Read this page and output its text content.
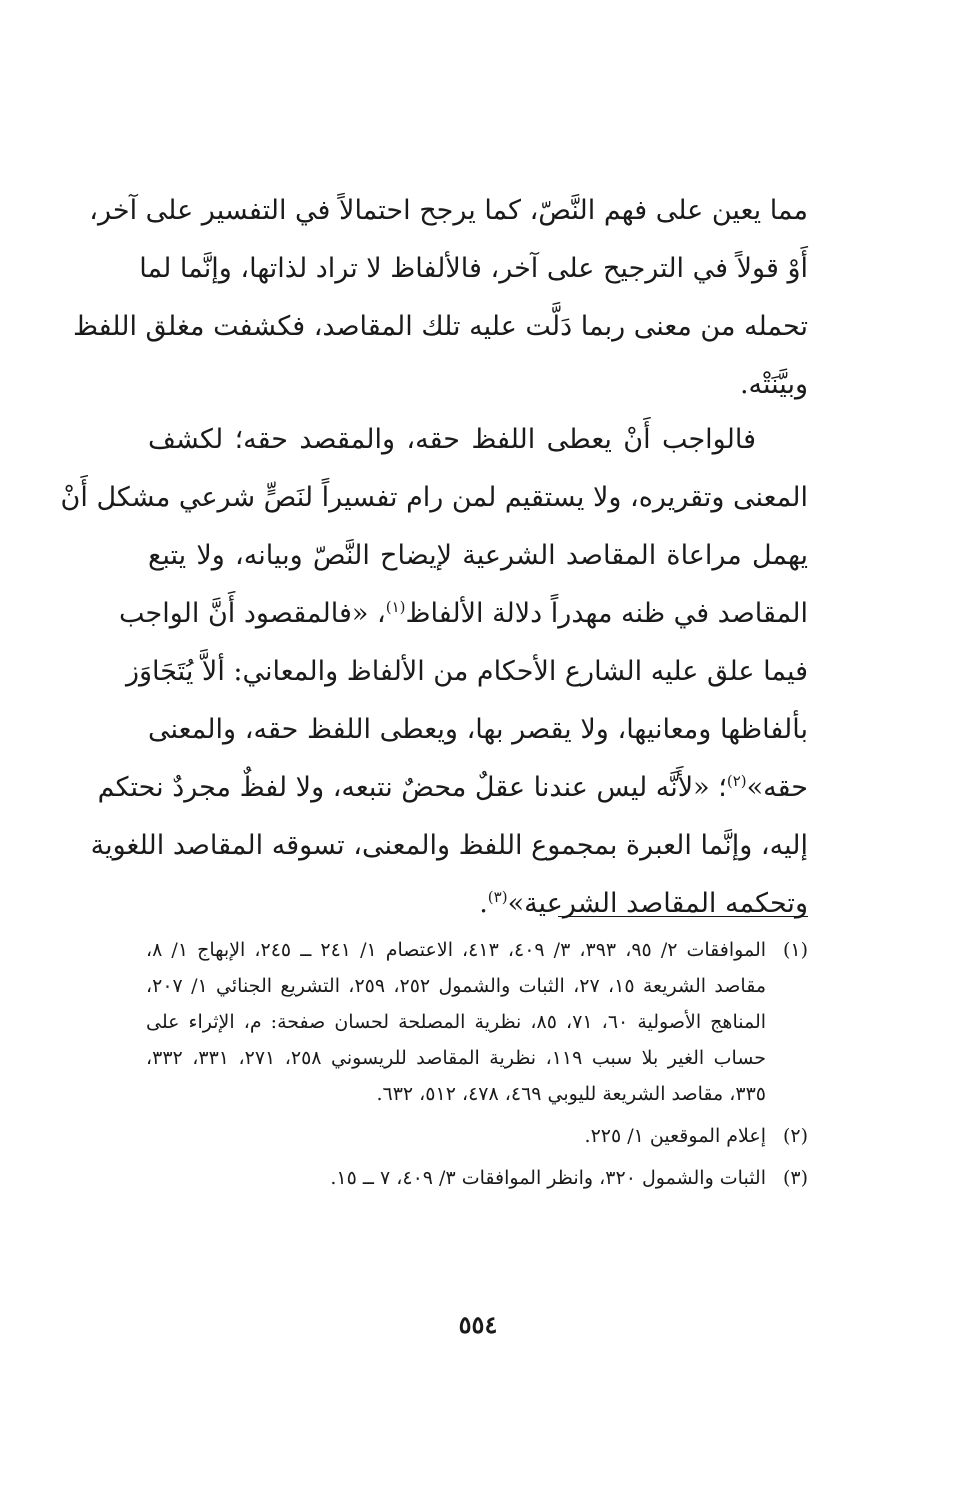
مما يعين على فهم النَّصّ، كما يرجح احتمالاً في التفسير على آخر،
أَوْ قولاً في الترجيح على آخر، فالألفاظ لا تراد لذاتها، وإنَّما لما
تحمله من معنى ربما دَلَّت عليه تلك المقاصد، فكشفت مغلق اللفظ
وبيَّنَتْه.
فالواجب أَنْ يعطى اللفظ حقه، والمقصد حقه؛ لكشف
المعنى وتقريره، ولا يستقيم لمن رام تفسيراً لنَصٍّ شرعي مشكل أَنْ
يهمل مراعاة المقاصد الشرعية لإيضاح النَّصّ وبيانه، ولا يتبع
المقاصد في ظنه مهدراً دلالة الألفاظ$^{(١)}$، «فالمقصود أَنَّ الواجب
فيما علق عليه الشارع الأحكام من الألفاظ والمعاني: ألاَّ يُتَجَاوَز
بألفاظها ومعانيها، ولا يقصر بها، ويعطى اللفظ حقه، والمعنى
حقه»$^{(٢)}$؛ «لأَنَّه ليس عندنا عقلٌ محضٌ نتبعه، ولا لفظٌ مجردٌ نحتكم
إليه، وإنَّما العبرة بمجموع اللفظ والمعنى، تسوقه المقاصد اللغوية
وتحكمه المقاصد الشرعية»$^{(٣)}$.
(١)
الموافقات ٢/ ٩٥، ٣٩٣، ٣/ ٤٠٩، ٤١٣، الاعتصام ١/ ٢٤١ ــ ٢٤٥، الإبهاج ١/ ٨، مقاصد الشريعة ١٥، ٢٧، الثبات والشمول ٢٥٢، ٢٥٩، التشريع الجنائي ١/ ٢٠٧، المناهج الأصولية ٦٠، ٧١، ٨٥، نظرية المصلحة لحسان صفحة: م، الإثراء على حساب الغير بلا سبب ١١٩، نظرية المقاصد للريسوني ٢٥٨، ٢٧١، ٣٣١، ٣٣٢، ٣٣٥، مقاصد الشريعة لليوبي ٤٦٩، ٤٧٨، ٥١٢، ٦٣٢.
(٢)
إعلام الموقعين ١/ ٢٢٥.
(٣)
الثبات والشمول ٣٢٠، وانظر الموافقات ٣/ ٤٠٩، ٧ ــ ١٥.
٥٥٤
